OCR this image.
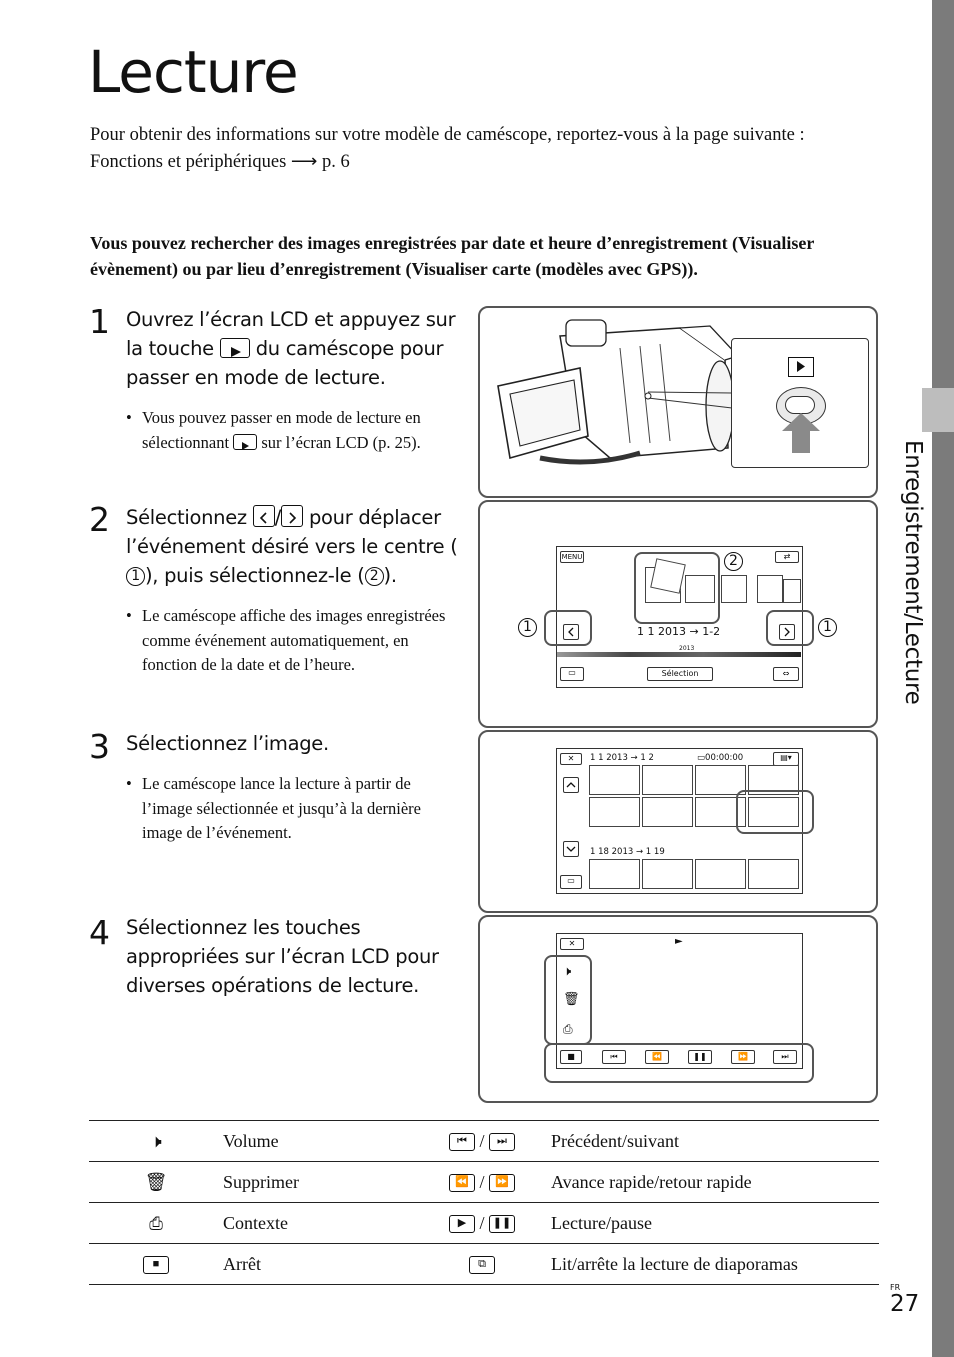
Enregistrement/Lecture
Lecture
Pour obtenir des informations sur votre modèle de caméscope, reportez-vous à la page suivante :
Fonctions et périphériques ⟶ p. 6
Vous pouvez rechercher des images enregistrées par date et heure d’enregistrement (Visualiser évènement) ou par lieu d’enregistrement (Visualiser carte (modèles avec GPS)).
1 Ouvrez l’écran LCD et appuyez sur la touche du caméscope pour passer en mode de lecture.
• Vous pouvez passer en mode de lecture en sélectionnant sur l’écran LCD (p. 25).
2 Sélectionnez / pour déplacer l’événement désiré vers le centre (1 ), puis sélectionnez-le ( 2 ).
• Le caméscope affiche des images enregistrées comme événement automatiquement, en fonction de la date et de l’heure.
3 Sélectionnez l’image.
• Le caméscope lance la lecture à partir de l’image sélectionnée et jusqu’à la dernière image de l’événement.
4 Sélectionnez les touches appropriées sur l’écran LCD pour diverses opérations de lecture.
MENU	⇄
1 1 2013 → 1-2
2013
▭	Sélection	⇔
1	1
2
✕	1 1 2013 → 1 2	▭00:00:00	▤▾
▭
1 18 2013 → 1 19
✕	►
🕨
🗑
⎙
■	⏮	⏪	❚❚	⏩	⏭
🕨	Volume	⏮ / ⏭	Précédent/suivant
🗑	Supprimer	⏪ / ⏩	Avance rapide/retour rapide
⎙	Contexte	▶ / ❚❚	Lecture/pause
■	Arrêt	⧉	Lit/arrête la lecture de diaporamas
FR
27
